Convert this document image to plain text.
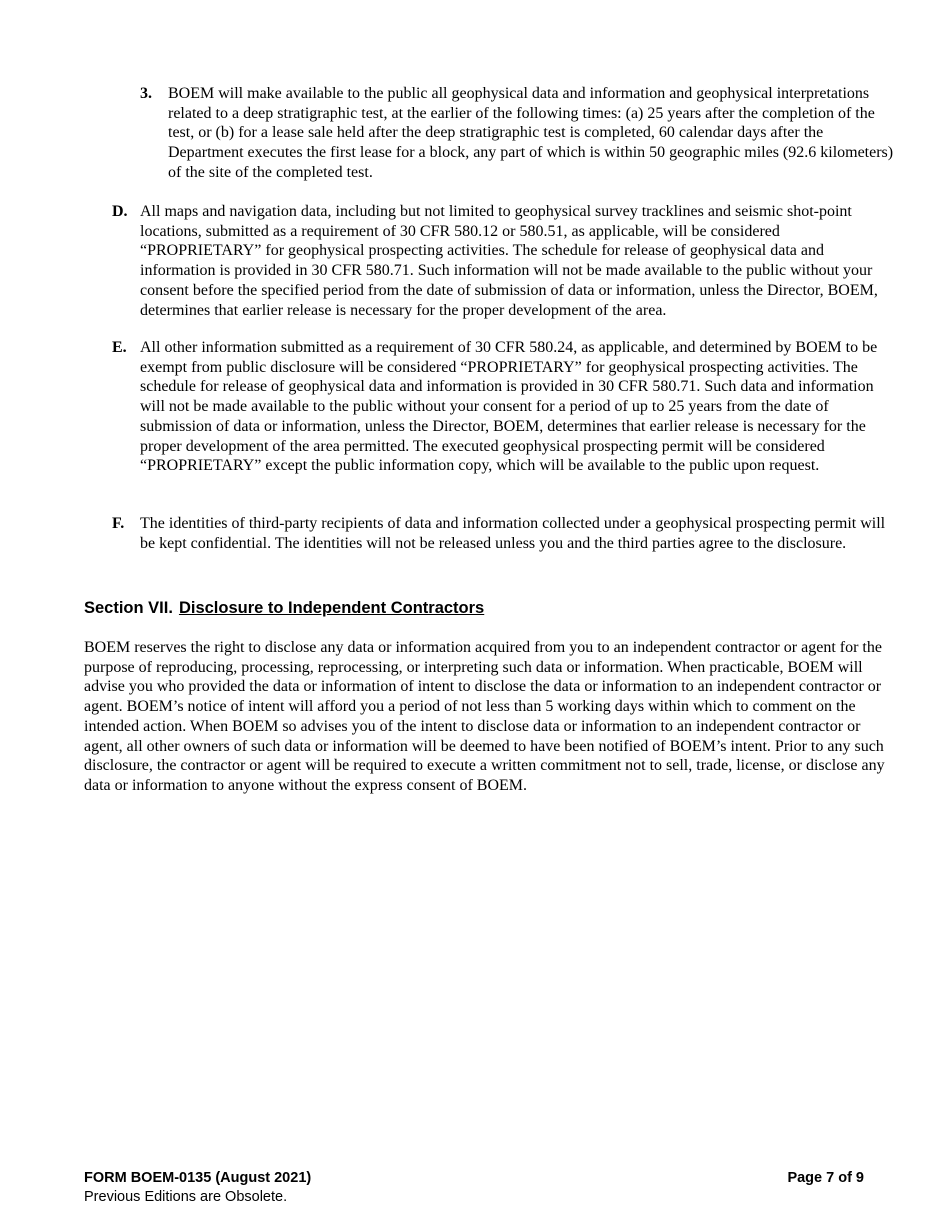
3. BOEM will make available to the public all geophysical data and information and geophysical interpretations related to a deep stratigraphic test, at the earlier of the following times: (a) 25 years after the completion of the test, or (b) for a lease sale held after the deep stratigraphic test is completed, 60 calendar days after the Department executes the first lease for a block, any part of which is within 50 geographic miles (92.6 kilometers) of the site of the completed test.

D. All maps and navigation data, including but not limited to geophysical survey tracklines and seismic shot-point locations, submitted as a requirement of 30 CFR 580.12 or 580.51, as applicable, will be considered “PROPRIETARY” for geophysical prospecting activities. The schedule for release of geophysical data and information is provided in 30 CFR 580.71. Such information will not be made available to the public without your consent before the specified period from the date of submission of data or information, unless the Director, BOEM, determines that earlier release is necessary for the proper development of the area.

E. All other information submitted as a requirement of 30 CFR 580.24, as applicable, and determined by BOEM to be exempt from public disclosure will be considered “PROPRIETARY” for geophysical prospecting activities. The schedule for release of geophysical data and information is provided in 30 CFR 580.71. Such data and information will not be made available to the public without your consent for a period of up to 25 years from the date of submission of data or information, unless the Director, BOEM, determines that earlier release is necessary for the proper development of the area permitted. The executed geophysical prospecting permit will be considered “PROPRIETARY” except the public information copy, which will be available to the public upon request.

F. The identities of third-party recipients of data and information collected under a geophysical prospecting permit will be kept confidential. The identities will not be released unless you and the third parties agree to the disclosure.

Section VII. Disclosure to Independent Contractors

BOEM reserves the right to disclose any data or information acquired from you to an independent contractor or agent for the purpose of reproducing, processing, reprocessing, or interpreting such data or information. When practicable, BOEM will advise you who provided the data or information of intent to disclose the data or information to an independent contractor or agent. BOEM’s notice of intent will afford you a period of not less than 5 working days within which to comment on the intended action. When BOEM so advises you of the intent to disclose data or information to an independent contractor or agent, all other owners of such data or information will be deemed to have been notified of BOEM’s intent. Prior to any such disclosure, the contractor or agent will be required to execute a written commitment not to sell, trade, license, or disclose any data or information to anyone without the express consent of BOEM.

FORM BOEM-0135 (August 2021)
Previous Editions are Obsolete.
Page 7 of 9
